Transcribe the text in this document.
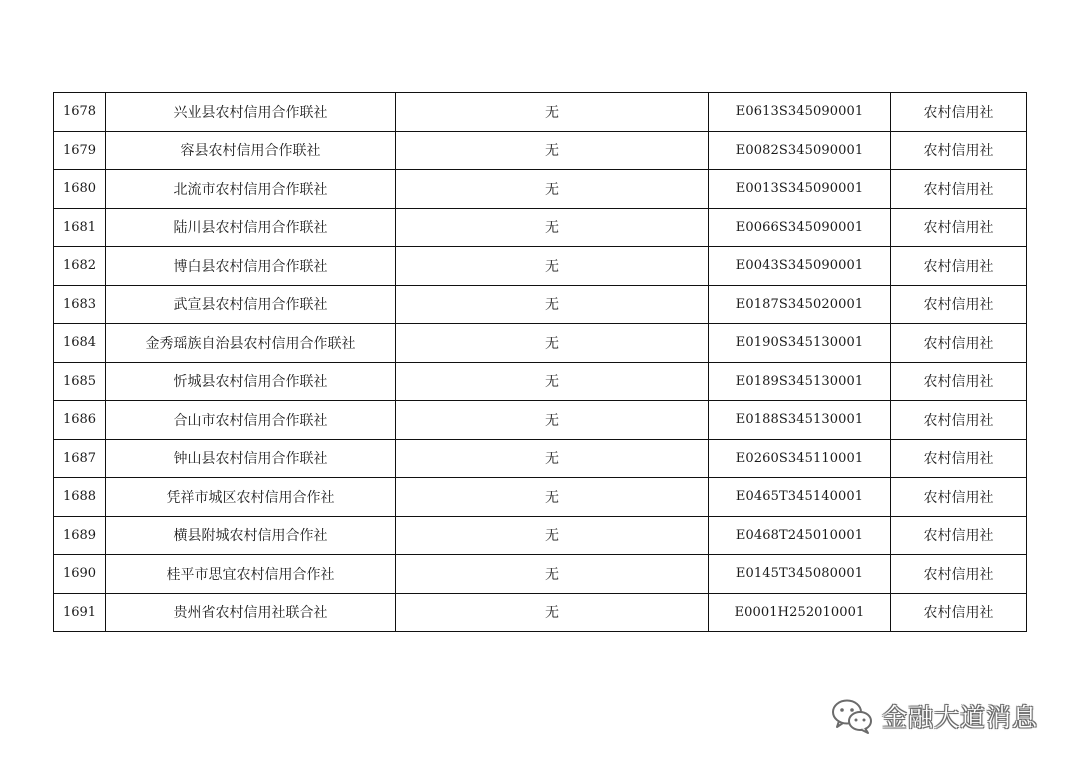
1678	兴业县农村信用合作联社	无	E0613S345090001	农村信用社
1679	容县农村信用合作联社	无	E0082S345090001	农村信用社
1680	北流市农村信用合作联社	无	E0013S345090001	农村信用社
1681	陆川县农村信用合作联社	无	E0066S345090001	农村信用社
1682	博白县农村信用合作联社	无	E0043S345090001	农村信用社
1683	武宣县农村信用合作联社	无	E0187S345020001	农村信用社
1684	金秀瑶族自治县农村信用合作联社	无	E0190S345130001	农村信用社
1685	忻城县农村信用合作联社	无	E0189S345130001	农村信用社
1686	合山市农村信用合作联社	无	E0188S345130001	农村信用社
1687	钟山县农村信用合作联社	无	E0260S345110001	农村信用社
1688	凭祥市城区农村信用合作社	无	E0465T345140001	农村信用社
1689	横县附城农村信用合作社	无	E0468T245010001	农村信用社
1690	桂平市思宜农村信用合作社	无	E0145T345080001	农村信用社
1691	贵州省农村信用社联合社	无	E0001H252010001	农村信用社
金融大道消息
